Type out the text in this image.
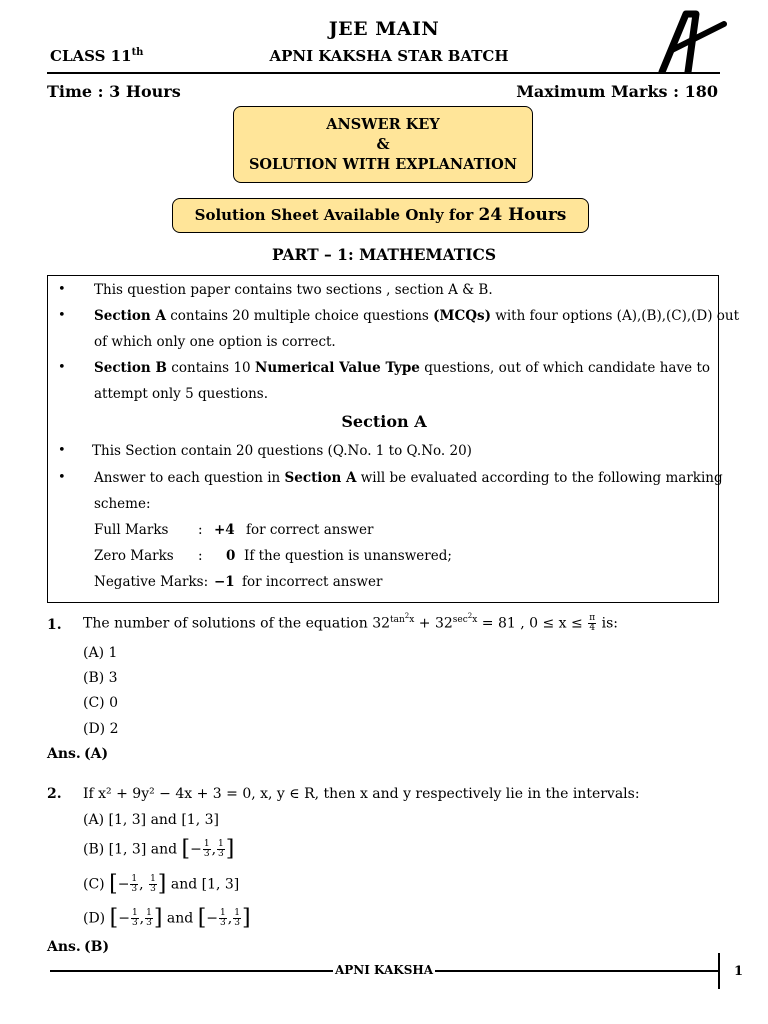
JEE MAIN
CLASS 11th	APNI KAKSHA STAR BATCH
Time : 3 Hours	Maximum Marks : 180
ANSWER KEY
&
SOLUTION WITH EXPLANATION
Solution Sheet Available Only for 24 Hours
PART – 1: MATHEMATICS
• This question paper contains two sections , section A & B.
• Section A contains 20 multiple choice questions (MCQs) with four options (A),(B),(C),(D) out
of which only one option is correct.
• Section B contains 10 Numerical Value Type questions, out of which candidate have to
attempt only 5 questions.
Section A
• This Section contain 20 questions (Q.No. 1 to Q.No. 20)
• Answer to each question in Section A will be evaluated according to the following marking
scheme:
Full Marks : +4 for correct answer
Zero Marks : 0 If the question is unanswered;
Negative Marks: −1 for incorrect answer
1. The number of solutions of the equation $32^{tan^2x} + 32^{sec^2x} = 81$ , $0 \le x \le \frac{\pi}{4}$ is:
(A) 1
(B) 3
(C) 0
(D) 2
Ans. (A)
2. If x² + 9y² − 4x + 3 = 0, x, y ∈ R, then x and y respectively lie in the intervals:
(A) [1, 3] and [1, 3]
(B) [1, 3] and [− $\frac{1}{3}$ , $\frac{1}{3}$ ]
(C) [− $\frac{1}{3}$ , $\frac{1}{3}$ ] and [1, 3]
(D) [− $\frac{1}{3}$ , $\frac{1}{3}$ ] and [− $\frac{1}{3}$ , $\frac{1}{3}$ ]
Ans. (B)
APNI KAKSHA	1
